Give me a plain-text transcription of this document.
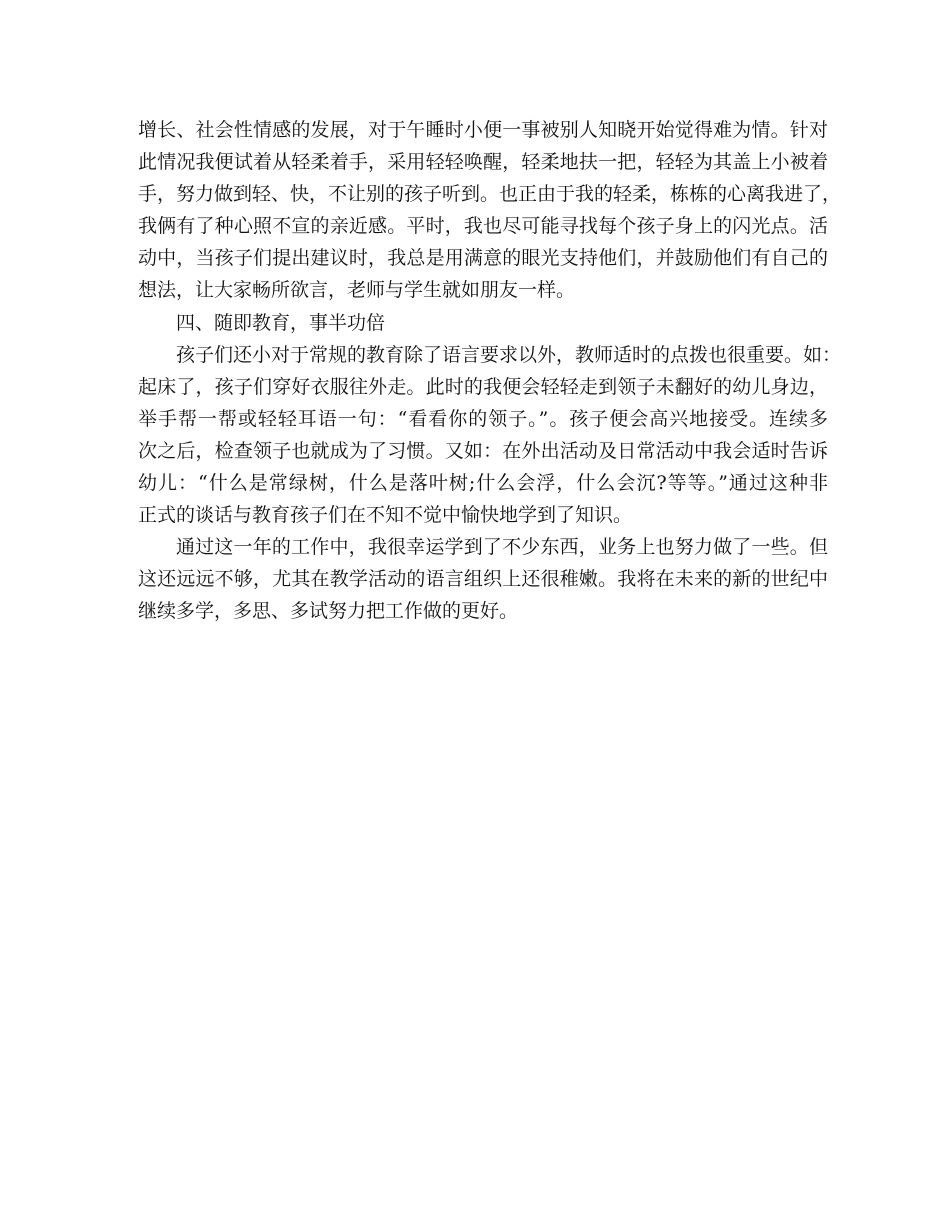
增长、社会性情感的发展，对于午睡时小便一事被别人知晓开始觉得难为情。针对
此情况我便试着从轻柔着手，采用轻轻唤醒，轻柔地扶一把，轻轻为其盖上小被着
手，努力做到轻、快，不让别的孩子听到。也正由于我的轻柔，栋栋的心离我进了，
我俩有了种心照不宣的亲近感。平时，我也尽可能寻找每个孩子身上的闪光点。活
动中，当孩子们提出建议时，我总是用满意的眼光支持他们，并鼓励他们有自己的
想法，让大家畅所欲言，老师与学生就如朋友一样。
四、随即教育，事半功倍
孩子们还小对于常规的教育除了语言要求以外，教师适时的点拨也很重要。如：
起床了，孩子们穿好衣服往外走。此时的我便会轻轻走到领子未翻好的幼儿身边，
举手帮一帮或轻轻耳语一句：“看看你的领子。”。孩子便会高兴地接受。连续多
次之后，检查领子也就成为了习惯。又如：在外出活动及日常活动中我会适时告诉
幼儿：“什么是常绿树，什么是落叶树;什么会浮，什么会沉?等等。”通过这种非
正式的谈话与教育孩子们在不知不觉中愉快地学到了知识。
通过这一年的工作中，我很幸运学到了不少东西，业务上也努力做了一些。但
这还远远不够，尤其在教学活动的语言组织上还很稚嫩。我将在未来的新的世纪中
继续多学，多思、多试努力把工作做的更好。
